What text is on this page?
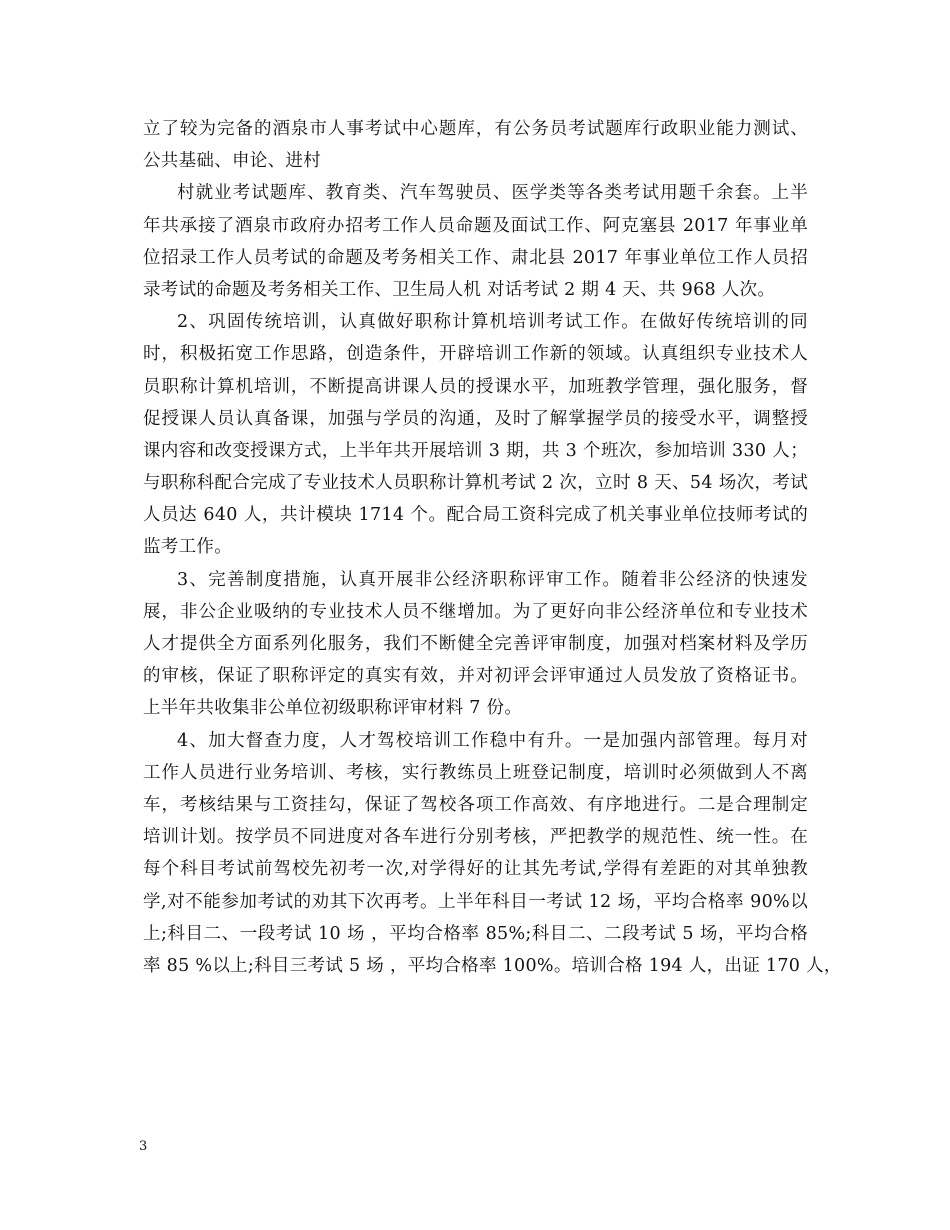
立了较为完备的酒泉市人事考试中心题库，有公务员考试题库行政职业能力测试、
公共基础、申论、进村
村就业考试题库、教育类、汽车驾驶员、医学类等各类考试用题千余套。上半
年共承接了酒泉市政府办招考工作人员命题及面试工作、阿克塞县 2017 年事业单
位招录工作人员考试的命题及考务相关工作、肃北县 2017 年事业单位工作人员招
录考试的命题及考务相关工作、卫生局人机 对话考试 2 期 4 天、共 968 人次。
2、巩固传统培训，认真做好职称计算机培训考试工作。在做好传统培训的同
时，积极拓宽工作思路，创造条件，开辟培训工作新的领域。认真组织专业技术人
员职称计算机培训，不断提高讲课人员的授课水平，加班教学管理，强化服务，督
促授课人员认真备课，加强与学员的沟通，及时了解掌握学员的接受水平，调整授
课内容和改变授课方式，上半年共开展培训 3 期，共 3 个班次，参加培训 330 人；
与职称科配合完成了专业技术人员职称计算机考试 2 次，立时 8 天、54 场次，考试
人员达 640 人，共计模块 1714 个。配合局工资科完成了机关事业单位技师考试的
监考工作。
3、完善制度措施，认真开展非公经济职称评审工作。随着非公经济的快速发
展，非公企业吸纳的专业技术人员不继增加。为了更好向非公经济单位和专业技术
人才提供全方面系列化服务，我们不断健全完善评审制度，加强对档案材料及学历
的审核，保证了职称评定的真实有效，并对初评会评审通过人员发放了资格证书。
上半年共收集非公单位初级职称评审材料 7 份。
4、加大督查力度，人才驾校培训工作稳中有升。一是加强内部管理。每月对
工作人员进行业务培训、考核，实行教练员上班登记制度，培训时必须做到人不离
车，考核结果与工资挂勾，保证了驾校各项工作高效、有序地进行。二是合理制定
培训计划。按学员不同进度对各车进行分别考核，严把教学的规范性、统一性。在
每个科目考试前驾校先初考一次,对学得好的让其先考试,学得有差距的对其单独教
学,对不能参加考试的劝其下次再考。上半年科目一考试 12 场，平均合格率 90%以
上;科目二、一段考试 10 场 ，平均合格率 85%;科目二、二段考试 5 场，平均合格
率 85 %以上;科目三考试 5 场 ，平均合格率 100%。培训合格 194 人，出证 170 人，
3
